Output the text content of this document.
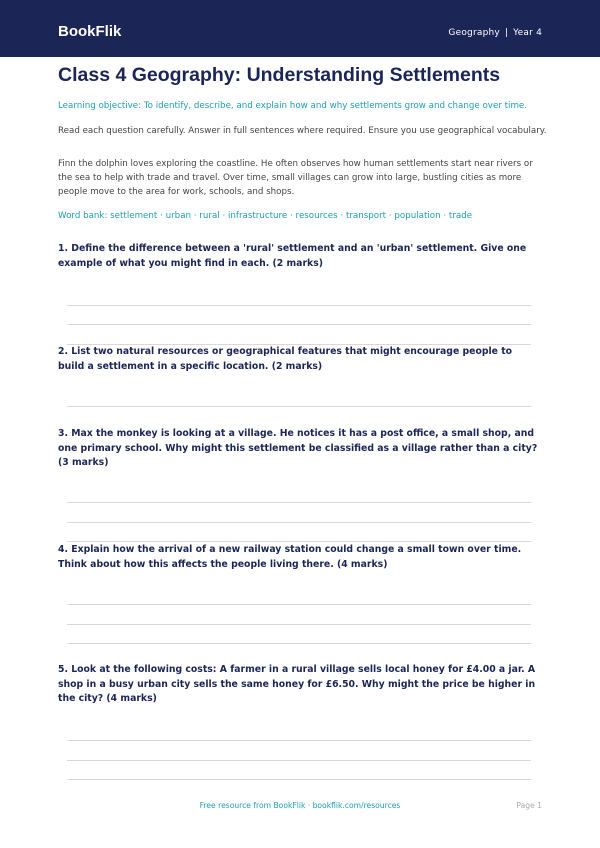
BookFlik	Geography | Year 4
Class 4 Geography: Understanding Settlements
Learning objective: To identify, describe, and explain how and why settlements grow and change over time.
Read each question carefully. Answer in full sentences where required. Ensure you use geographical vocabulary.
Finn the dolphin loves exploring the coastline. He often observes how human settlements start near rivers or the sea to help with trade and travel. Over time, small villages can grow into large, bustling cities as more people move to the area for work, schools, and shops.
Word bank: settlement · urban · rural · infrastructure · resources · transport · population · trade
1. Define the difference between a 'rural' settlement and an 'urban' settlement. Give one example of what you might find in each. (2 marks)
2. List two natural resources or geographical features that might encourage people to build a settlement in a specific location. (2 marks)
3. Max the monkey is looking at a village. He notices it has a post office, a small shop, and one primary school. Why might this settlement be classified as a village rather than a city? (3 marks)
4. Explain how the arrival of a new railway station could change a small town over time. Think about how this affects the people living there. (4 marks)
5. Look at the following costs: A farmer in a rural village sells local honey for £4.00 a jar. A shop in a busy urban city sells the same honey for £6.50. Why might the price be higher in the city? (4 marks)
Free resource from BookFlik · bookflik.com/resources	Page 1
